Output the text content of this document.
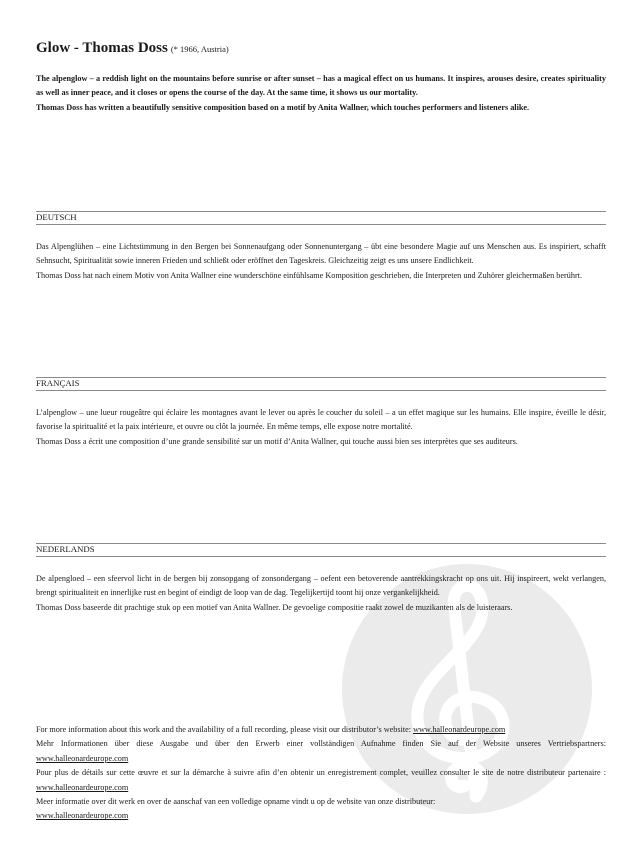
Glow - Thomas Doss (* 1966, Austria)

The alpenglow – a reddish light on the mountains before sunrise or after sunset – has a magical effect on us humans. It inspires, arouses desire, creates spirituality as well as inner peace, and it closes or opens the course of the day. At the same time, it shows us our mortality.

Thomas Doss has written a beautifully sensitive composition based on a motif by Anita Wallner, which touches performers and listeners alike.

DEUTSCH

Das Alpenglühen – eine Lichtstimmung in den Bergen bei Sonnenaufgang oder Sonnenuntergang – übt eine besondere Magie auf uns Menschen aus. Es inspiriert, schafft Sehnsucht, Spiritualität sowie inneren Frieden und schließt oder eröffnet den Tageskreis. Gleichzeitig zeigt es uns unsere Endlichkeit.

Thomas Doss hat nach einem Motiv von Anita Wallner eine wunderschöne einfühlsame Komposition geschrieben, die Interpreten und Zuhörer gleichermaßen berührt.

FRANÇAIS

L’alpenglow – une lueur rougeâtre qui éclaire les montagnes avant le lever ou après le coucher du soleil – a un effet magique sur les humains. Elle inspire, éveille le désir, favorise la spiritualité et la paix intérieure, et ouvre ou clôt la journée. En même temps, elle expose notre mortalité.

Thomas Doss a écrit une composition d’une grande sensibilité sur un motif d’Anita Wallner, qui touche aussi bien ses interprètes que ses auditeurs.

NEDERLANDS

De alpengloed – een sfeervol licht in de bergen bij zonsopgang of zonsondergang – oefent een betoverende aantrekkingskracht op ons uit. Hij inspireert, wekt verlangen, brengt spiritualiteit en innerlijke rust en begint of eindigt de loop van de dag. Tegelijkertijd toont hij onze vergankelijkheid.

Thomas Doss baseerde dit prachtige stuk op een motief van Anita Wallner. De gevoelige compositie raakt zowel de muzikanten als de luisteraars.

For more information about this work and the availability of a full recording, please visit our distributor’s website: www.halleonardeurope.com

Mehr Informationen über diese Ausgabe und über den Erwerb einer vollständigen Aufnahme finden Sie auf der Website unseres Vertriebspartners: www.halleonardeurope.com

Pour plus de détails sur cette œuvre et sur la démarche à suivre afin d’en obtenir un enregistrement complet, veuillez consulter le site de notre distributeur partenaire : www.halleonardeurope.com

Meer informatie over dit werk en over de aanschaf van een volledige opname vindt u op de website van onze distributeur:
www.halleonardeurope.com
